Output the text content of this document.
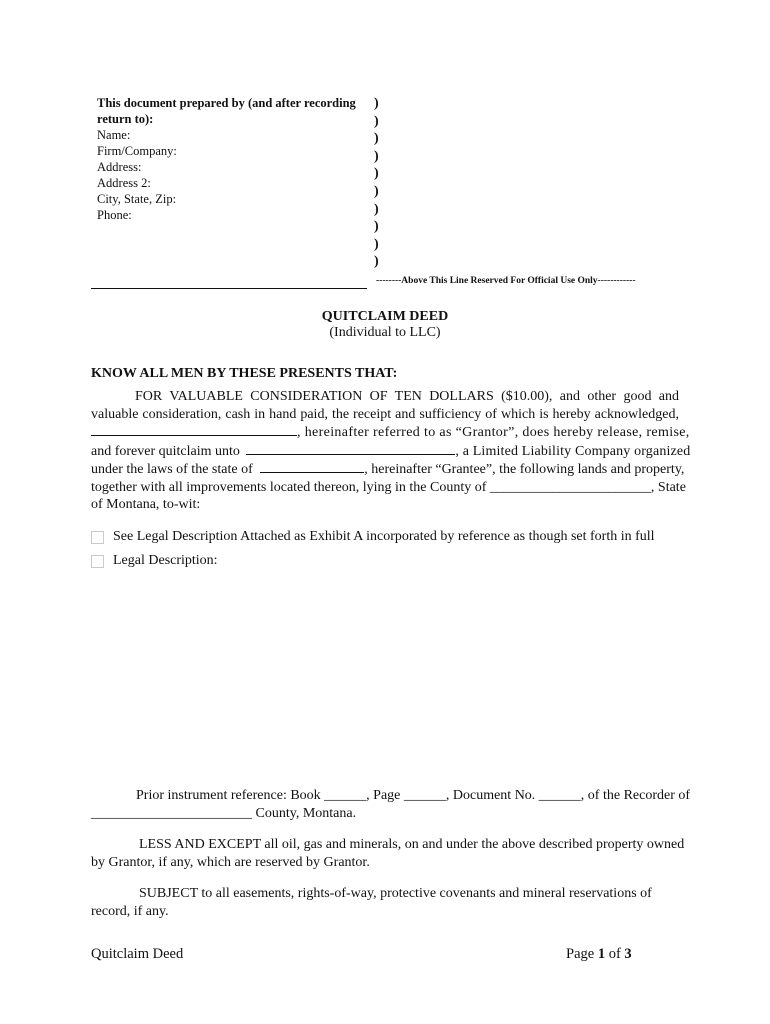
This document prepared by (and after recording
return to):
Name:
Firm/Company:
Address:
Address 2:
City, State, Zip:
Phone:
)
)
)
)
)
)
)
)
)
)
--------Above This Line Reserved For Official Use Only------------
QUITCLAIM DEED
(Individual to LLC)
KNOW ALL MEN BY THESE PRESENTS THAT:
FOR VALUABLE CONSIDERATION OF TEN DOLLARS ($10.00), and other good and
valuable consideration, cash in hand paid, the receipt and sufficiency of which is hereby acknowledged,
, hereinafter referred to as “Grantor”, does hereby release, remise,
and forever quitclaim unto	, a Limited Liability Company organized
under the laws of the state of	, hereinafter “Grantee”, the following lands and property,
together with all improvements located thereon, lying in the County of _______________________, State
of Montana, to-wit:
See Legal Description Attached as Exhibit A incorporated by reference as though set forth in full
Legal Description:
Prior instrument reference: Book ______, Page ______, Document No. ______, of the Recorder of
_______________________ County, Montana.
LESS AND EXCEPT all oil, gas and minerals, on and under the above described property owned
by Grantor, if any, which are reserved by Grantor.
SUBJECT to all easements, rights-of-way, protective covenants and mineral reservations of
record, if any.
Quitclaim Deed	Page 1 of 3
